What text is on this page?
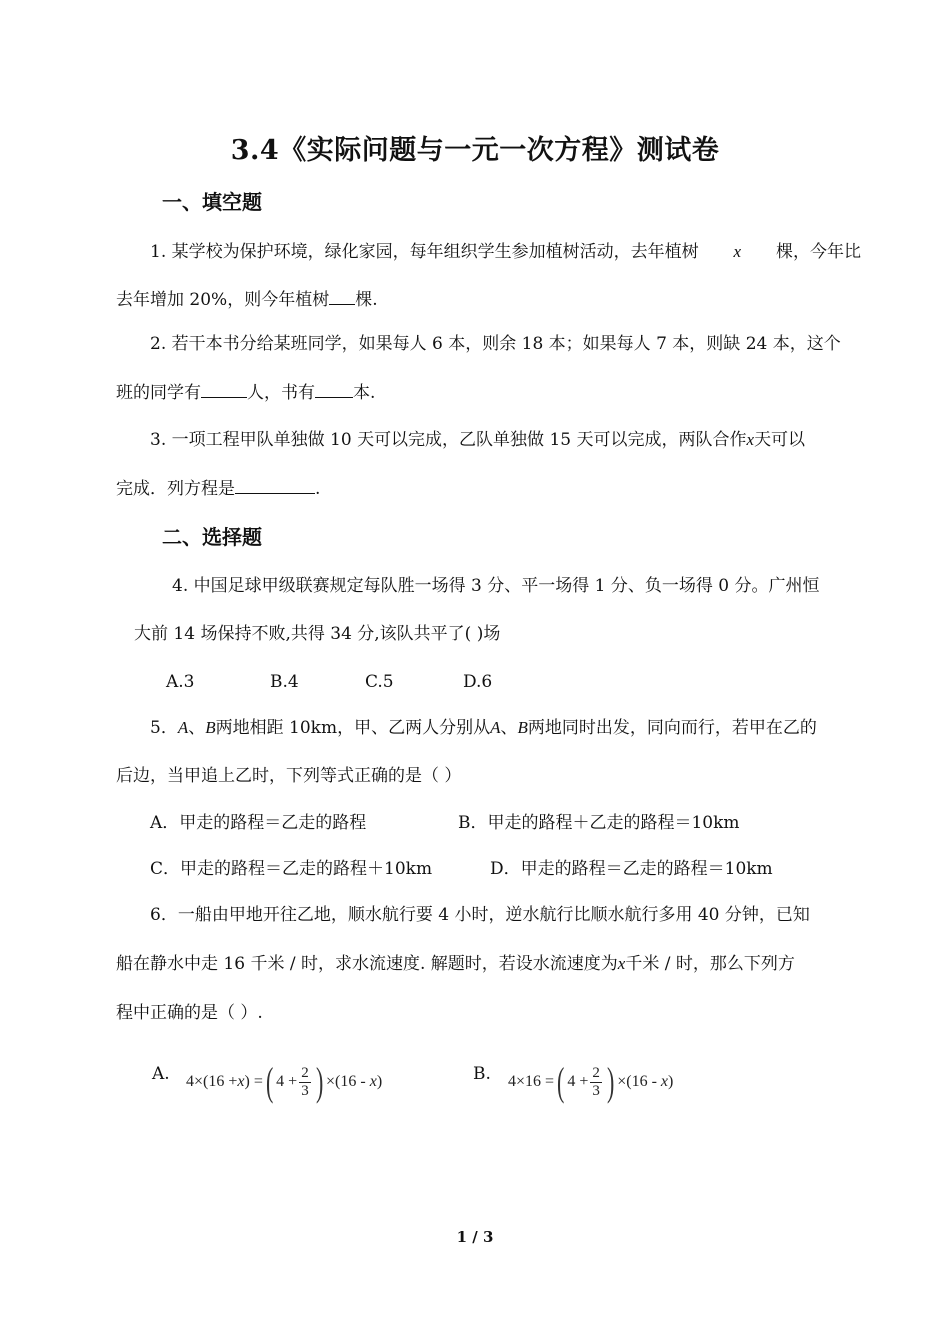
3.4《实际问题与一元一次方程》测试卷
一、填空题
1. 某学校为保护环境，绿化家园，每年组织学生参加植树活动，去年植树 x 棵，今年比
去年增加 20%，则今年植树 棵.
2. 若干本书分给某班同学，如果每人 6 本，则余 18 本；如果每人 7 本，则缺 24 本，这个
班的同学有	人，书有 本.
3. 一项工程甲队单独做 10 天可以完成，乙队单独做 15 天可以完成，两队合作x天可以
完成．列方程是	.
二、选择题
4. 中国足球甲级联赛规定每队胜一场得 3 分、平一场得 1 分、负一场得 0 分。广州恒
大前 14 场保持不败,共得 34 分,该队共平了( )场
A.3	B.4	C.5	D.6
5．A、B两地相距 10km，甲、乙两人分别从A、B两地同时出发，同向而行，若甲在乙的
后边，当甲追上乙时，下列等式正确的是（ ）
A．甲走的路程＝乙走的路程	B．甲走的路程＋乙走的路程＝10km
C．甲走的路程＝乙走的路程＋10km	D．甲走的路程＝乙走的路程＝10km
6．一船由甲地开往乙地，顺水航行要 4 小时，逆水航行比顺水航行多用 40 分钟，已知
船在静水中走 16 千米 / 时，求水流速度. 解题时，若设水流速度为x千米 / 时，那么下列方
程中正确的是（ ）.
A. 4×(16 + x ) = ( $4 + \frac{2}{3}$ ) ×(16 -
x )	B. 4×16 = ( $4 + \frac{2}{3}$ ) ×(16 -
x )
1 / 3
